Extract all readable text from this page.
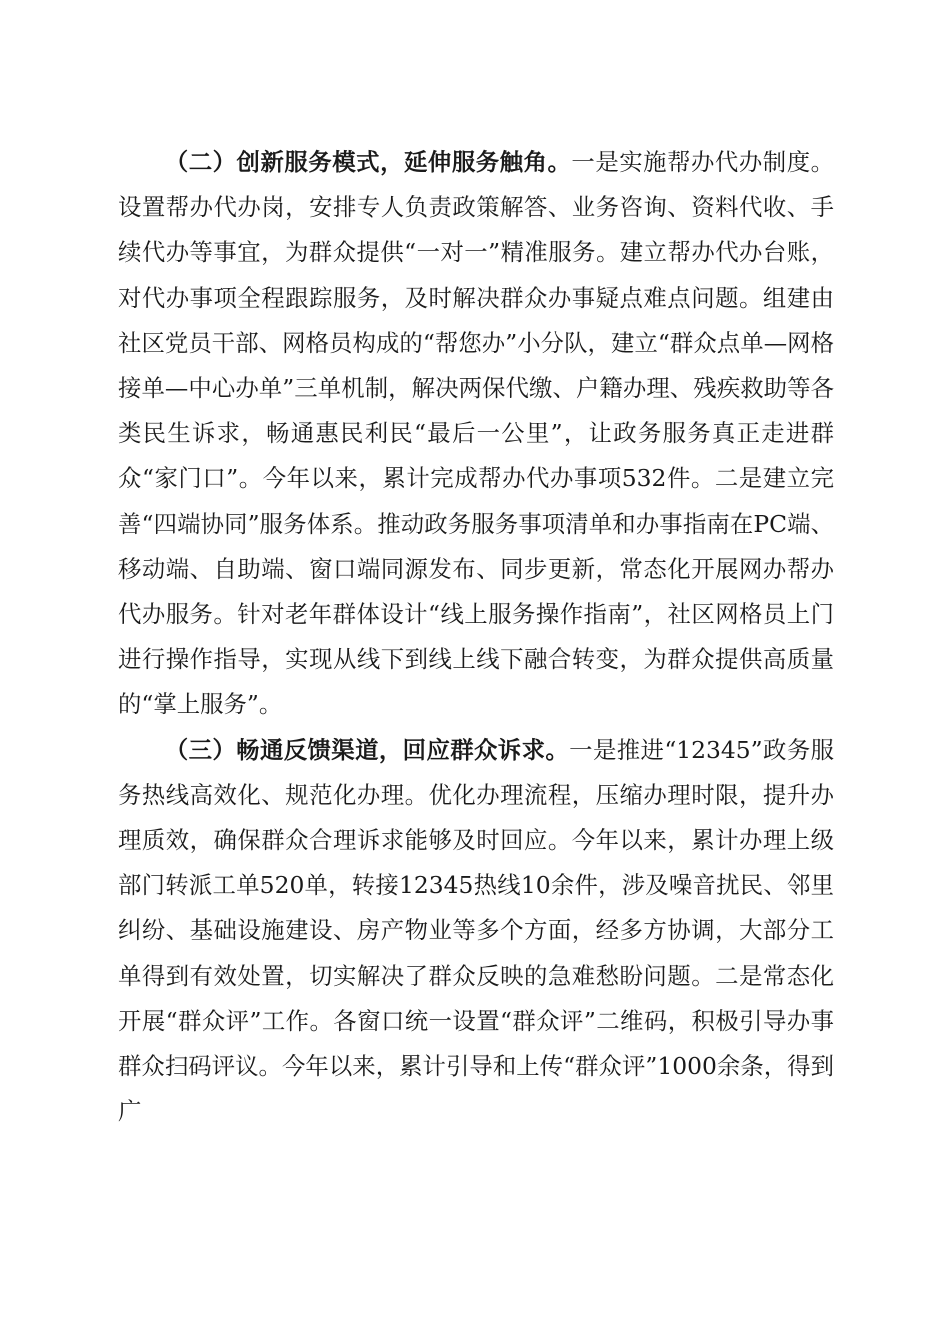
（二）创新服务模式，延伸服务触角。一是实施帮办代办制度。设置帮办代办岗，安排专人负责政策解答、业务咨询、资料代收、手续代办等事宜，为群众提供“一对一”精准服务。建立帮办代办台账，对代办事项全程跟踪服务，及时解决群众办事疑点难点问题。组建由社区党员干部、网格员构成的“帮您办”小分队，建立“群众点单—网格接单—中心办单”三单机制，解决两保代缴、户籍办理、残疾救助等各类民生诉求，畅通惠民利民“最后一公里”，让政务服务真正走进群众“家门口”。今年以来，累计完成帮办代办事项532件。二是建立完善“四端协同”服务体系。推动政务服务事项清单和办事指南在PC端、移动端、自助端、窗口端同源发布、同步更新，常态化开展网办帮办代办服务。针对老年群体设计“线上服务操作指南”，社区网格员上门进行操作指导，实现从线下到线上线下融合转变，为群众提供高质量的“掌上服务”。

（三）畅通反馈渠道，回应群众诉求。一是推进“12345”政务服务热线高效化、规范化办理。优化办理流程，压缩办理时限，提升办理质效，确保群众合理诉求能够及时回应。今年以来，累计办理上级部门转派工单520单，转接12345热线10余件，涉及噪音扰民、邻里纠纷、基础设施建设、房产物业等多个方面，经多方协调，大部分工单得到有效处置，切实解决了群众反映的急难愁盼问题。二是常态化开展“群众评”工作。各窗口统一设置“群众评”二维码，积极引导办事群众扫码评议。今年以来，累计引导和上传“群众评”1000余条，得到广
